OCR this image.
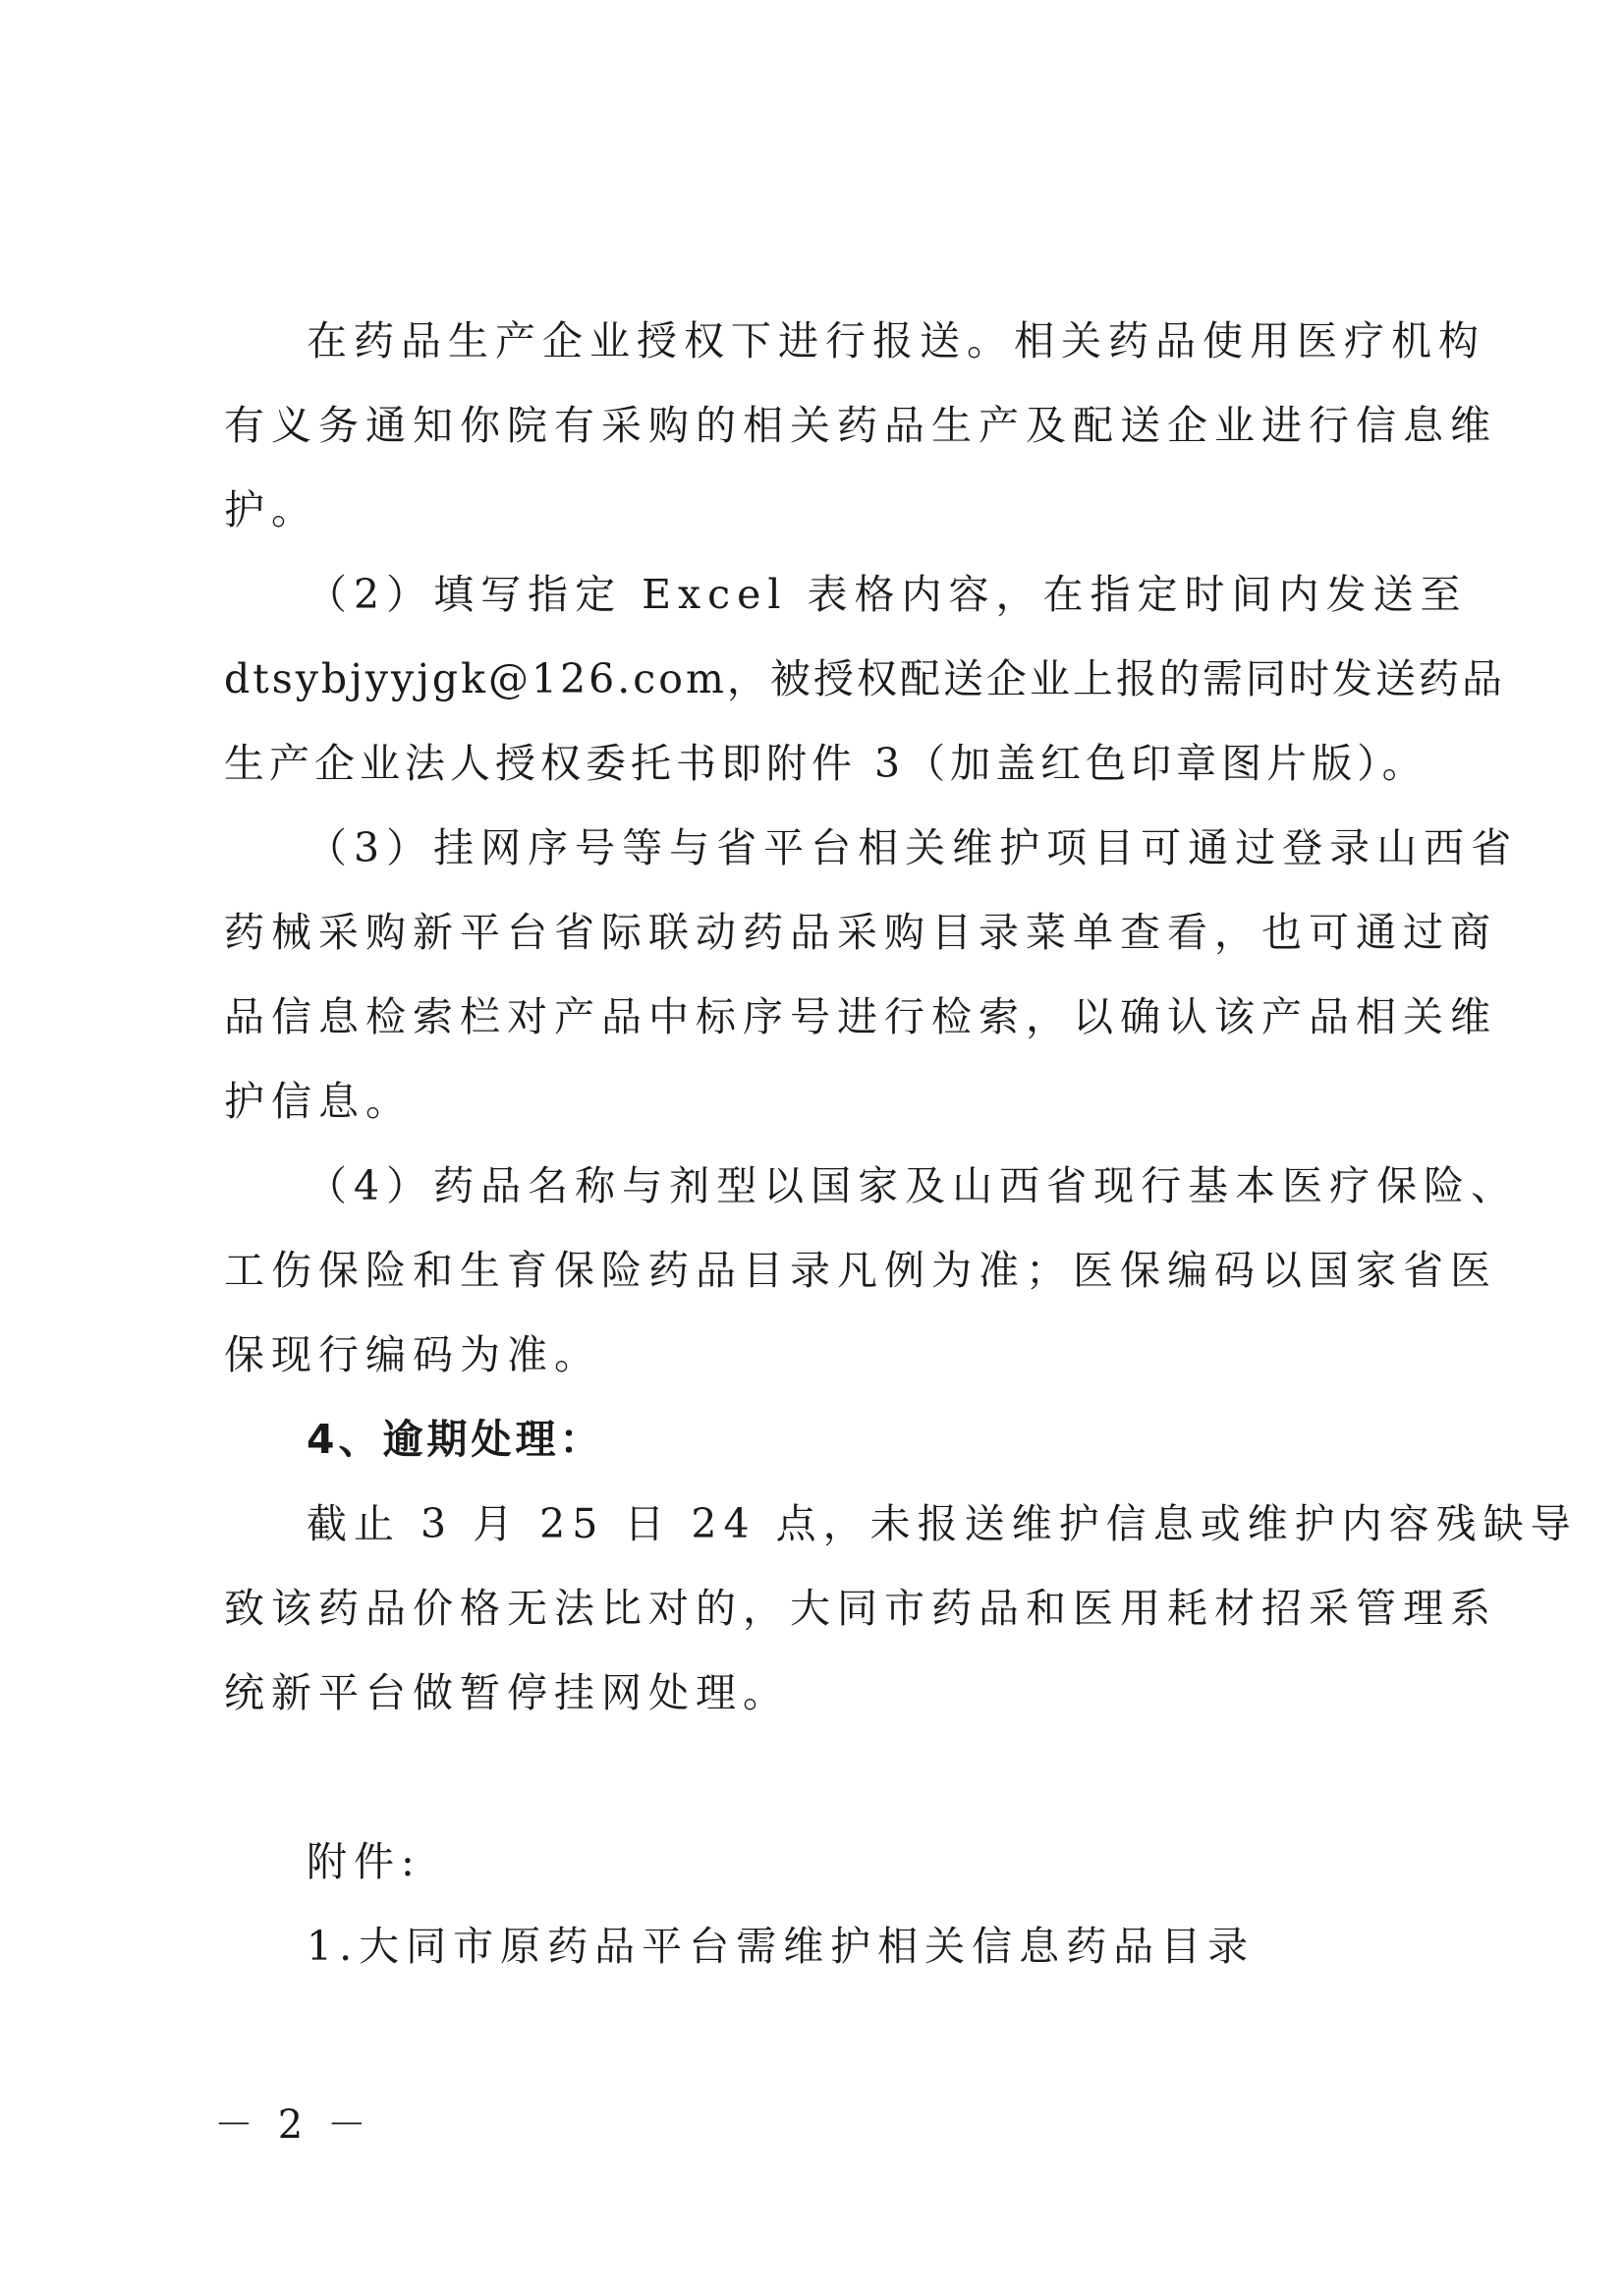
在药品生产企业授权下进行报送。相关药品使用医疗机构
有义务通知你院有采购的相关药品生产及配送企业进行信息维
护。
（2）填写指定 Excel 表格内容，在指定时间内发送至
dtsybjyyjgk@126.com，被授权配送企业上报的需同时发送药品
生产企业法人授权委托书即附件 3（加盖红色印章图片版）。
（3）挂网序号等与省平台相关维护项目可通过登录山西省
药械采购新平台省际联动药品采购目录菜单查看，也可通过商
品信息检索栏对产品中标序号进行检索，以确认该产品相关维
护信息。
（4）药品名称与剂型以国家及山西省现行基本医疗保险、
工伤保险和生育保险药品目录凡例为准；医保编码以国家省医
保现行编码为准。
4、逾期处理：
截止 3 月 25 日 24 点，未报送维护信息或维护内容残缺导
致该药品价格无法比对的，大同市药品和医用耗材招采管理系
统新平台做暂停挂网处理。
附件:
1.大同市原药品平台需维护相关信息药品目录
－ 2 －
